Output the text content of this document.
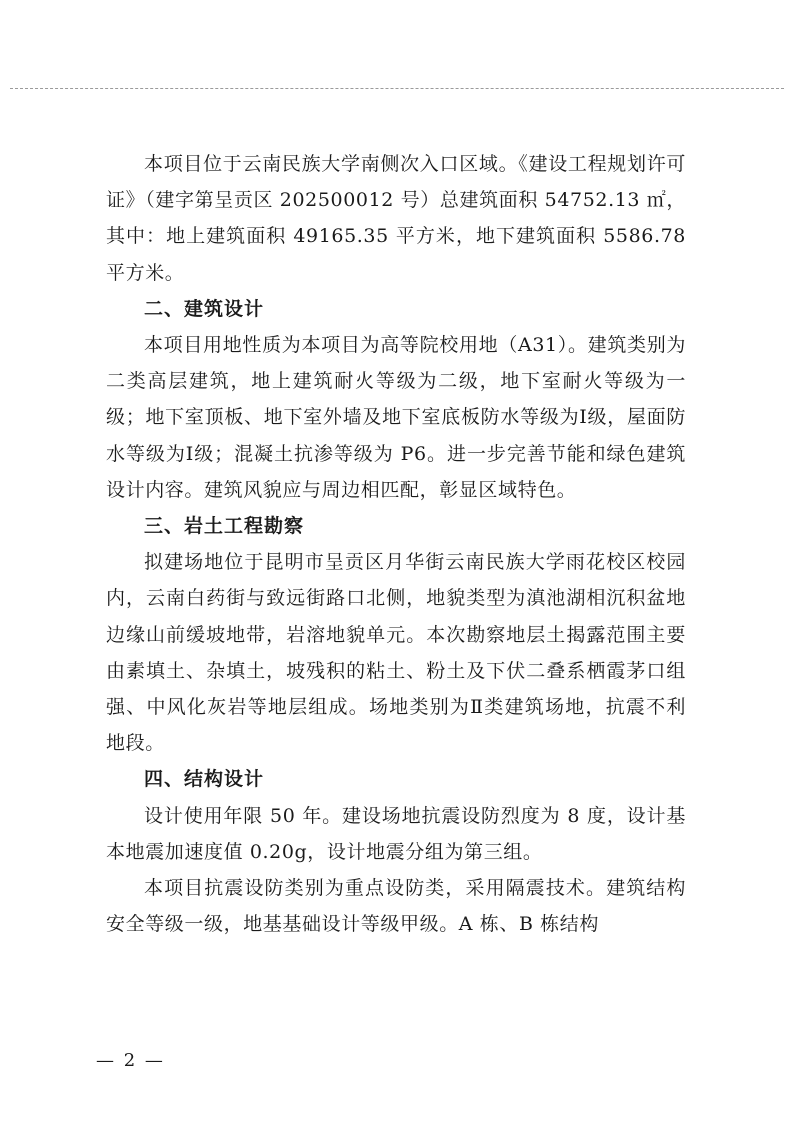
本项目位于云南民族大学南侧次入口区域。《建设工程规划许可证》（建字第呈贡区 202500012 号）总建筑面积 54752.13 ㎡，其中：地上建筑面积 49165.35 平方米，地下建筑面积 5586.78 平方米。

二、建筑设计

本项目用地性质为本项目为高等院校用地（A31）。建筑类别为二类高层建筑，地上建筑耐火等级为二级，地下室耐火等级为一级；地下室顶板、地下室外墙及地下室底板防水等级为Ⅰ级，屋面防水等级为Ⅰ级；混凝土抗渗等级为 P6。进一步完善节能和绿色建筑设计内容。建筑风貌应与周边相匹配，彰显区域特色。

三、岩土工程勘察

拟建场地位于昆明市呈贡区月华街云南民族大学雨花校区校园内，云南白药街与致远街路口北侧，地貌类型为滇池湖相沉积盆地边缘山前缓坡地带，岩溶地貌单元。本次勘察地层土揭露范围主要由素填土、杂填土，坡残积的粘土、粉土及下伏二叠系栖霞茅口组强、中风化灰岩等地层组成。场地类别为Ⅱ类建筑场地，抗震不利地段。

四、结构设计

设计使用年限 50 年。建设场地抗震设防烈度为 8 度，设计基本地震加速度值 0.20g，设计地震分组为第三组。

本项目抗震设防类别为重点设防类，采用隔震技术。建筑结构安全等级一级，地基基础设计等级甲级。A 栋、B 栋结构

— 2 —
